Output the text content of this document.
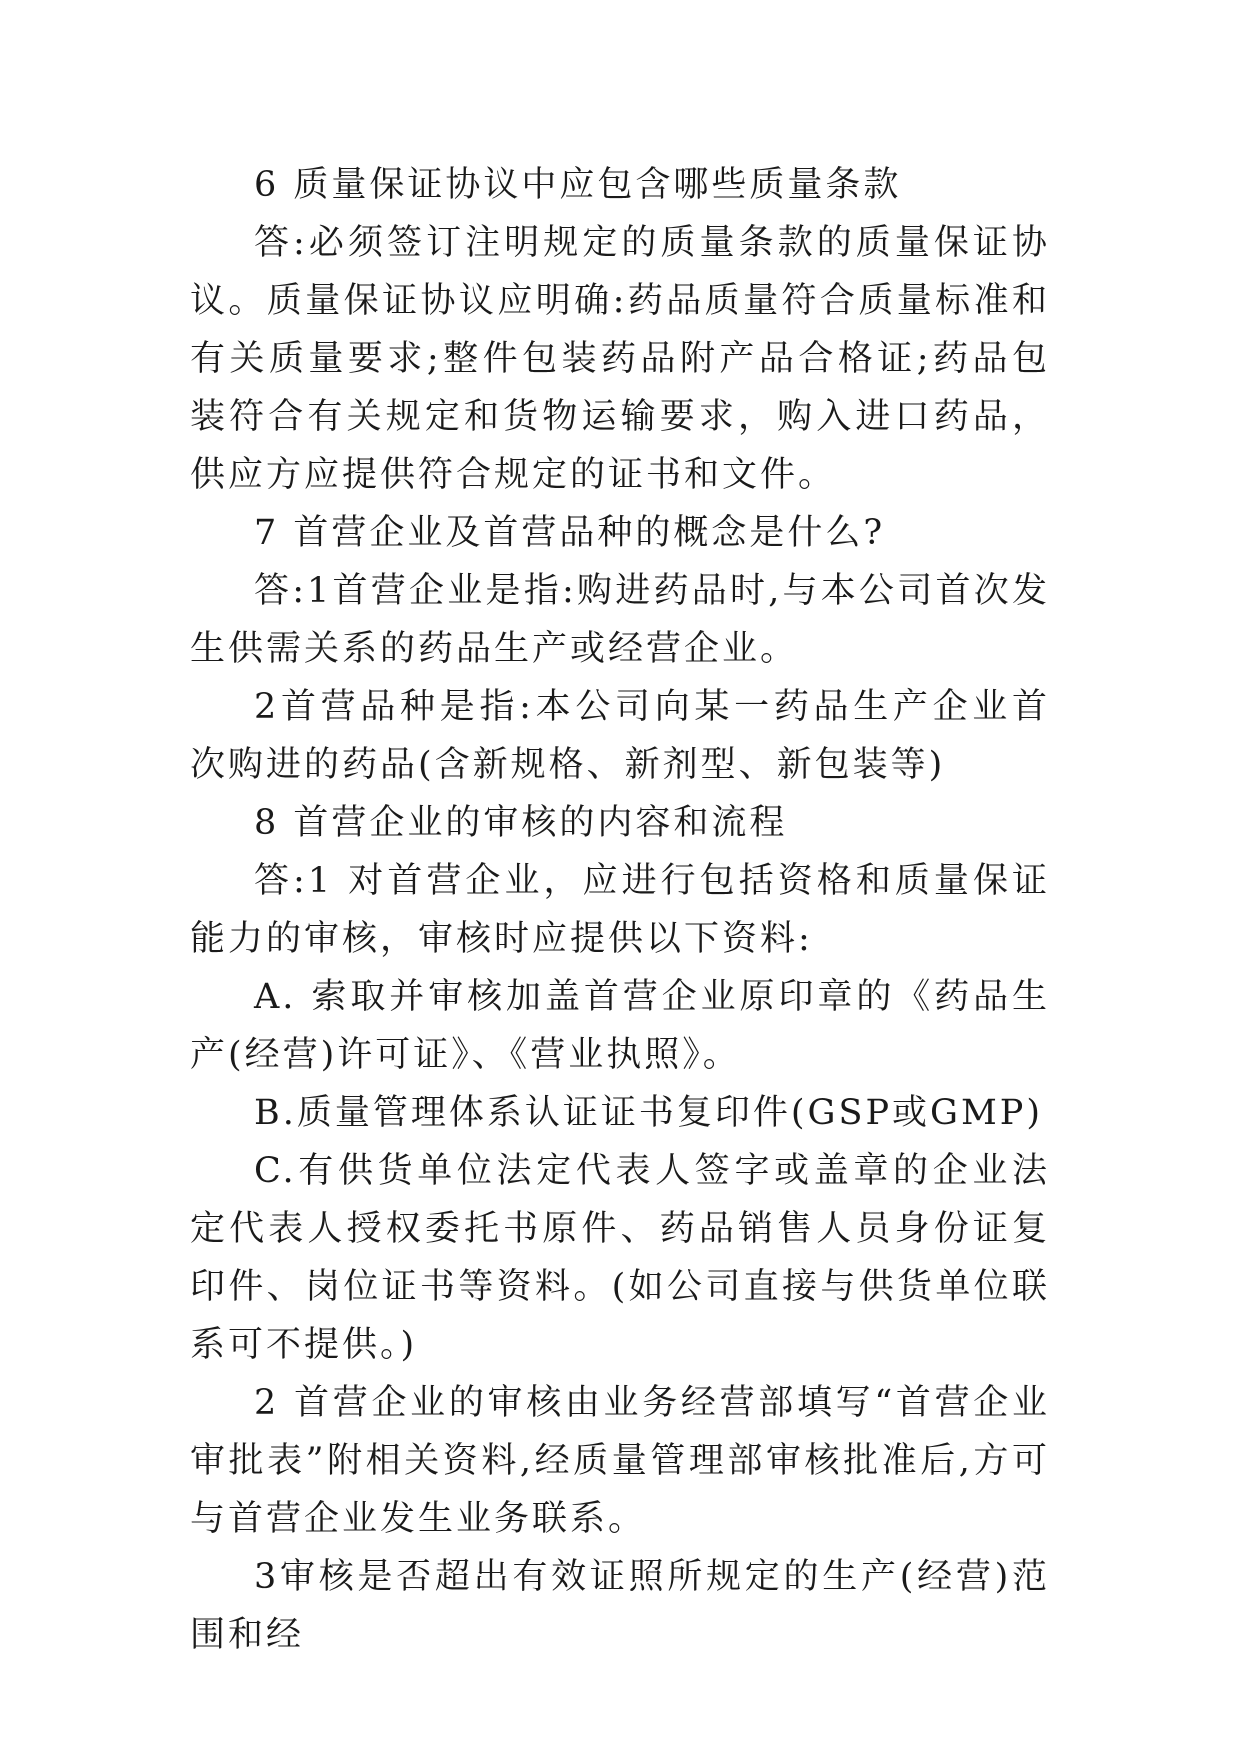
6 质量保证协议中应包含哪些质量条款

答:必须签订注明规定的质量条款的质量保证协议。质量保证协议应明确:药品质量符合质量标准和有关质量要求;整件包装药品附产品合格证;药品包装符合有关规定和货物运输要求，购入进口药品，供应方应提供符合规定的证书和文件。

7 首营企业及首营品种的概念是什么?

答:1首营企业是指:购进药品时,与本公司首次发生供需关系的药品生产或经营企业。

2首营品种是指:本公司向某一药品生产企业首次购进的药品(含新规格、新剂型、新包装等)

8 首营企业的审核的内容和流程

答:1 对首营企业，应进行包括资格和质量保证能力的审核，审核时应提供以下资料:

A. 索取并审核加盖首营企业原印章的《药品生产(经营)许可证》、《营业执照》。

B.质量管理体系认证证书复印件(GSP或GMP)

C.有供货单位法定代表人签字或盖章的企业法定代表人授权委托书原件、药品销售人员身份证复印件、岗位证书等资料。(如公司直接与供货单位联系可不提供。)

2 首营企业的审核由业务经营部填写“首营企业审批表”附相关资料,经质量管理部审核批准后,方可与首营企业发生业务联系。

3审核是否超出有效证照所规定的生产(经营)范围和经
